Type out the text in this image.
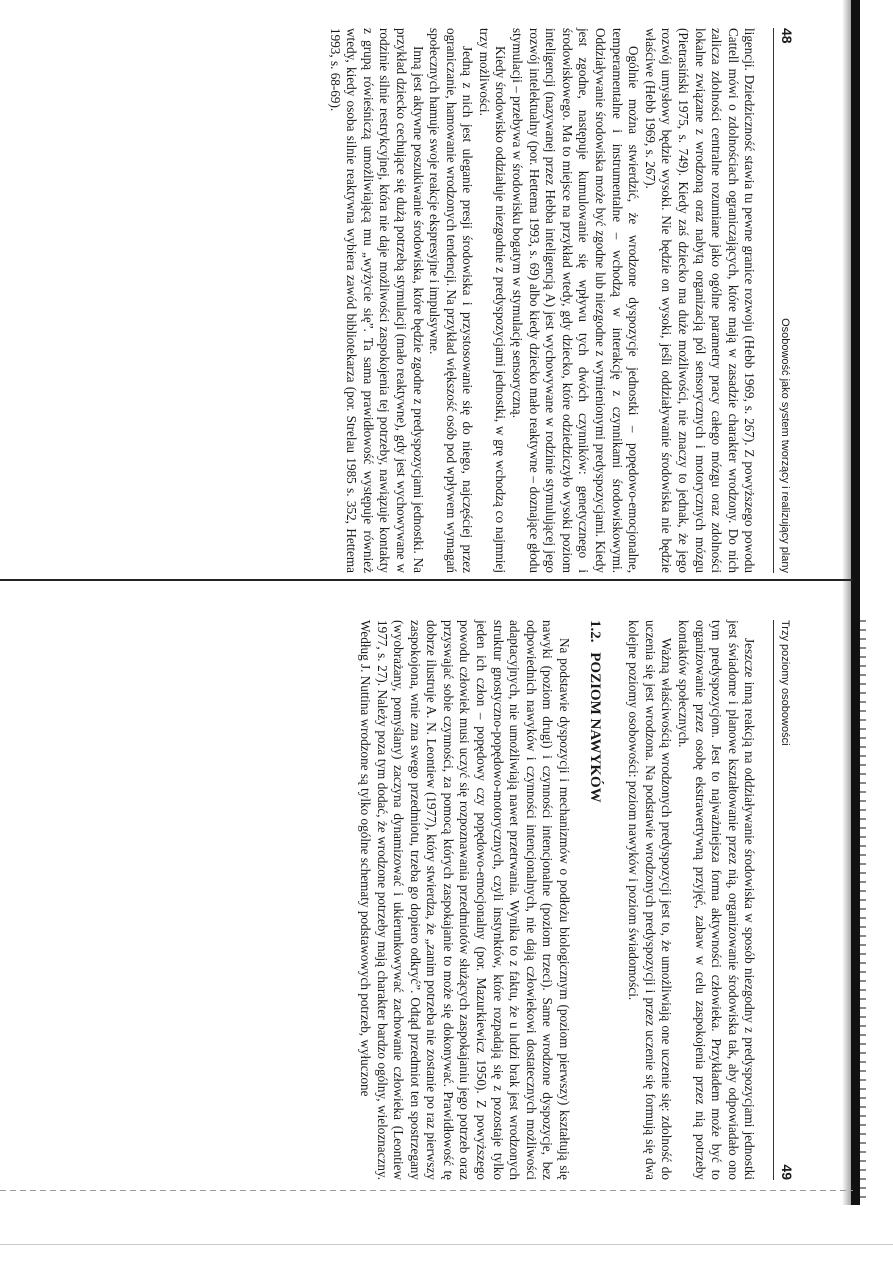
48
Osobowość jako system tworzący i realizujący plany

ligencji. Dziedziczność stawia tu pewne granice rozwoju (Hebb 1969, s. 267). Z powyższego powodu Cattell mówi o zdolnościach ograniczających, które mają w zasadzie charakter wrodzony. Do nich zalicza zdolności centralne rozumiane jako ogólne parametry pracy całego mózgu oraz zdolności lokalne związane z wrodzoną oraz nabytą organizacją pól sensorycznych i motorycznych mózgu (Pietrasiński 1975, s. 749). Kiedy zaś dziecko ma duże możliwości, nie znaczy to jednak, że jego rozwój umysłowy będzie wysoki. Nie będzie on wysoki, jeśli oddziaływanie środowiska nie będzie właściwe (Hebb 1969, s. 267).

Ogólnie można stwierdzić, że wrodzone dyspozycje jednostki – popędowo-emocjonalne, temperamentalne i instrumentalne – wchodzą w interakcję z czynnikami środowiskowymi. Oddziaływanie środowiska może być zgodne lub niezgodne z wymienionymi predyspozycjami. Kiedy jest zgodne, następuje kumulowanie się wpływu tych dwóch czynników: genetycznego i środowiskowego. Ma to miejsce na przykład wtedy, gdy dziecko, które odziedziczyło wysoki poziom inteligencji (nazywanej przez Hebba inteligencją A) jest wychowywane w rodzinie stymulującej jego rozwój intelektualny (por. Hettema 1993, s. 69) albo kiedy dziecko mało reaktywne – doznające głodu stymulacji – przebywa w środowisku bogatym w stymulację sensoryczną.

Kiedy środowisko oddziałuje niezgodnie z predyspozycjami jednostki, w grę wchodzą co najmniej trzy możliwości.

Jedną z nich jest uleganie presji środowiska i przystosowanie się do niego, najczęściej przez ograniczanie, hamowanie wrodzonych tendencji. Na przykład większość osób pod wpływem wymagań społecznych hamuje swoje reakcje ekspresyjne i impulsywne.

Inną jest aktywne poszukiwanie środowiska, które będzie zgodne z predyspozycjami jednostki. Na przykład dziecko cechujące się dużą potrzebą stymulacji (mało reaktywne), gdy jest wychowywane w rodzinie silnie restrykcyjnej, która nie daje możliwości zaspokojenia tej potrzeby, nawiązuje kontakty z grupą rówieśniczą umożliwiającą mu „wyżycie się”. Ta sama prawidłowość występuje również wtedy, kiedy osoba silnie reaktywna wybiera zawód bibliotekarza (por. Strelau 1985 s. 352, Hettema 1993, s. 68-69).

Trzy poziomy osobowości
49

Jeszcze inną reakcją na oddziaływanie środowiska w sposób niezgodny z predyspozycjami jednostki jest świadome i planowe kształtowanie przez nią, organizowanie środowiska tak, aby odpowiadało ono tym predyspozycjom. Jest to najważniejsza forma aktywności człowieka. Przykładem może być to organizowanie przez osobę ekstrawertywną przyjęć, zabaw w celu zaspokojenia przez nią potrzeby kontaktów społecznych.

Ważną właściwością wrodzonych predyspozycji jest to, że umożliwiają one uczenie się: zdolność do uczenia się jest wrodzona. Na podstawie wrodzonych predyspozycji i przez uczenie się formują się dwa kolejne poziomy osobowości: poziom nawyków i poziom świadomości.

1.2. POZIOM NAWYKÓW

Na podstawie dyspozycji i mechanizmów o podłożu biologicznym (poziom pierwszy) kształtują się nawyki (poziom drugi) i czynności intencjonalne (poziom trzeci). Same wrodzone dyspozycje, bez odpowiednich nawyków i czynności intencjonalnych, nie dają człowiekowi dostatecznych możliwości adaptacyjnych, nie umożliwiają nawet przetrwania. Wynika to z faktu, że u ludzi brak jest wrodzonych struktur gnostyczno-popędowo-motorycznych, czyli instynktów, które rozpadają się z pozostaje tylko jeden ich człon – popędowy czy popędowo-emocjonalny (por. Mazurkiewicz 1950). Z powyższego powodu człowiek musi uczyć się rozpoznawania przedmiotów służących zaspokajaniu jego potrzeb oraz przyswajać sobie czynności, za pomocą których zaspokajanie to może się dokonywać. Prawidłowość tę dobrze ilustruje A. N. Leontiew (1977), który stwierdza, że „zanim potrzeba nie zostanie po raz pierwszy zaspokojona, wnie zna swego przedmiotu, trzeba go dopiero odkryć”. Odtąd przedmiot ten spostrzegany (wyobrażany, pomyślany) zaczyna dynamizować i ukierunkowywać zachowanie człowieka (Leontiew 1977, s. 27). Należy poza tym dodać, że wrodzone potrzeby mają charakter bardzo ogólny, wieloznaczny. Według J. Nuttina wrodzone są tylko ogólne schematy podstawowych potrzeb, wyłuczone
